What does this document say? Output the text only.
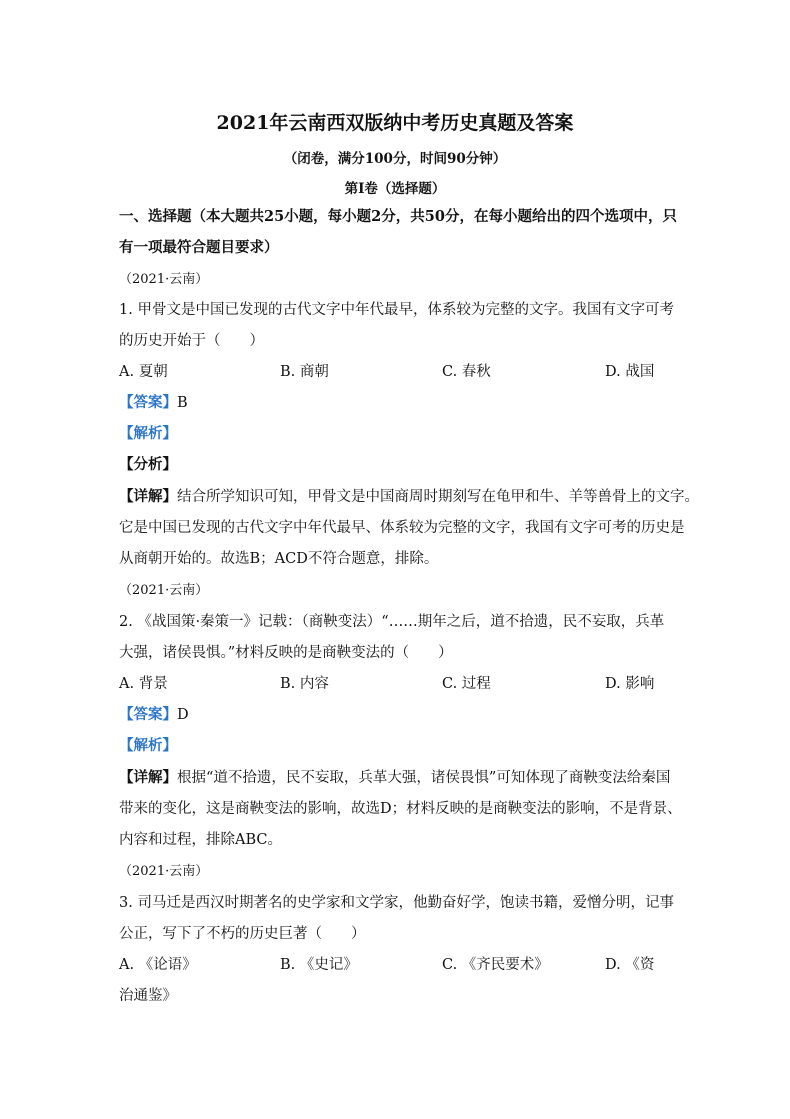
2021年云南西双版纳中考历史真题及答案
（闭卷，满分100分，时间90分钟）
第Ⅰ卷（选择题）
一、选择题（本大题共25小题，每小题2分，共50分，在每小题给出的四个选项中，只
有一项最符合题目要求）
（2021·云南）
1. 甲骨文是中国已发现的古代文字中年代最早，体系较为完整的文字。我国有文字可考
的历史开始于（　　）
A. 夏朝	B. 商朝	C. 春秋	D. 战国
【答案】B
【解析】
【分析】
【详解】结合所学知识可知，甲骨文是中国商周时期刻写在龟甲和牛、羊等兽骨上的文字。
它是中国已发现的古代文字中年代最早、体系较为完整的文字，我国有文字可考的历史是
从商朝开始的。故选B；ACD不符合题意，排除。
（2021·云南）
2. 《战国策·秦策一》记载：（商鞅变法）“……期年之后，道不拾遗，民不妄取，兵革
大强，诸侯畏惧。”材料反映的是商鞅变法的（　　）
A. 背景	B. 内容	C. 过程	D. 影响
【答案】D
【解析】
【详解】根据“道不拾遗，民不妄取，兵革大强，诸侯畏惧”可知体现了商鞅变法给秦国
带来的变化，这是商鞅变法的影响，故选D；材料反映的是商鞅变法的影响，不是背景、
内容和过程，排除ABC。
（2021·云南）
3. 司马迁是西汉时期著名的史学家和文学家，他勤奋好学，饱读书籍，爱憎分明，记事
公正，写下了不朽的历史巨著（　　）
A. 《论语》	B. 《史记》	C. 《齐民要术》	D. 《资
治通鉴》
